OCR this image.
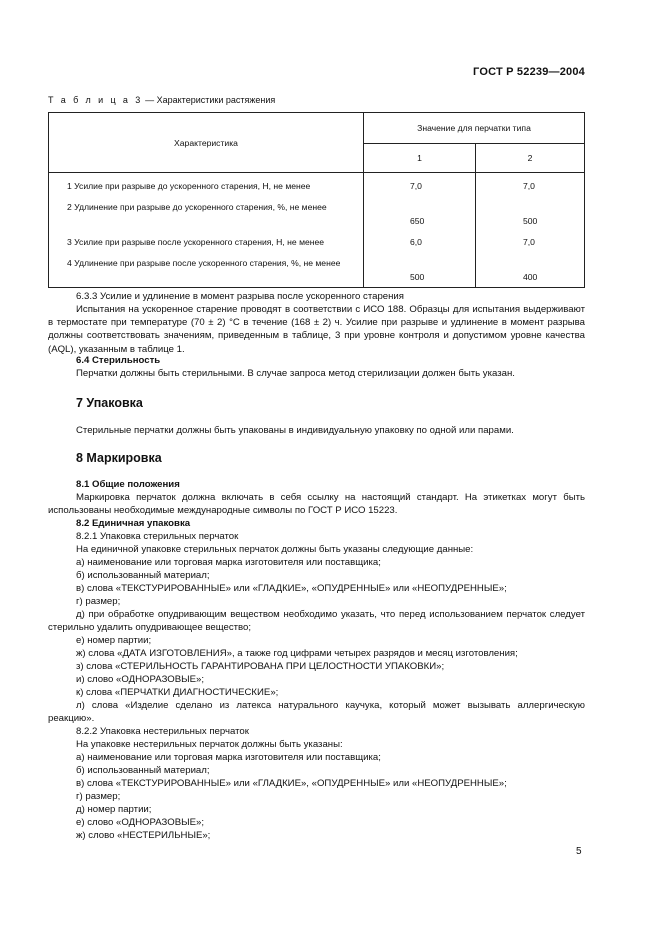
ГОСТ Р 52239—2004
Т а б л и ц а 3 — Характеристики растяжения
Характеристика	Значение для перчатки типа	
	1	2

1 Усилие при разрыве до ускоренного старения, Н, не менее	7,0	7,0

2 Удлинение при разрыве до ускоренного старения, %, не менее	650	500

3 Усилие при разрыве после ускоренного старения, Н, не менее	6,0	7,0

4 Удлинение при разрыве после ускоренного старения, %, не менее	500	400
6.3.3 Усилие и удлинение в момент разрыва после ускоренного старения
Испытания на ускоренное старение проводят в соответствии с ИСО 188. Образцы для испытания выдерживают в термостате при температуре (70 ± 2) °С в течение (168 ± 2) ч. Усилие при разрыве и удлинение в момент разрыва должны соответствовать значениям, приведенным в таблице, 3 при уровне контроля и допустимом уровне качества (AQL), указанным в таблице 1.
6.4 Стерильность
Перчатки должны быть стерильными. В случае запроса метод стерилизации должен быть указан.
7 Упаковка
Стерильные перчатки должны быть упакованы в индивидуальную упаковку по одной или парами.
8 Маркировка
8.1 Общие положения
Маркировка перчаток должна включать в себя ссылку на настоящий стандарт. На этикетках могут быть использованы необходимые международные символы по ГОСТ Р ИСО 15223.
8.2 Единичная упаковка
8.2.1 Упаковка стерильных перчаток
На единичной упаковке стерильных перчаток должны быть указаны следующие данные:
а) наименование или торговая марка изготовителя или поставщика;
б) использованный материал;
в) слова «ТЕКСТУРИРОВАННЫЕ» или «ГЛАДКИЕ», «ОПУДРЕННЫЕ» или «НЕОПУДРЕННЫЕ»;
г) размер;
д) при обработке опудривающим веществом необходимо указать, что перед использованием перчаток следует стерильно удалить опудривающее вещество;
е) номер партии;
ж) слова «ДАТА ИЗГОТОВЛЕНИЯ», а также год цифрами четырех разрядов и месяц изготовления;
з) слова «СТЕРИЛЬНОСТЬ ГАРАНТИРОВАНА ПРИ ЦЕЛОСТНОСТИ УПАКОВКИ»;
и) слово «ОДНОРАЗОВЫЕ»;
к) слова «ПЕРЧАТКИ ДИАГНОСТИЧЕСКИЕ»;
л) слова «Изделие сделано из латекса натурального каучука, который может вызывать аллергическую реакцию».
8.2.2 Упаковка нестерильных перчаток
На упаковке нестерильных перчаток должны быть указаны:
а) наименование или торговая марка изготовителя или поставщика;
б) использованный материал;
в) слова «ТЕКСТУРИРОВАННЫЕ» или «ГЛАДКИЕ», «ОПУДРЕННЫЕ» или «НЕОПУДРЕННЫЕ»;
г) размер;
д) номер партии;
е) слово «ОДНОРАЗОВЫЕ»;
ж) слово «НЕСТЕРИЛЬНЫЕ»;
5
